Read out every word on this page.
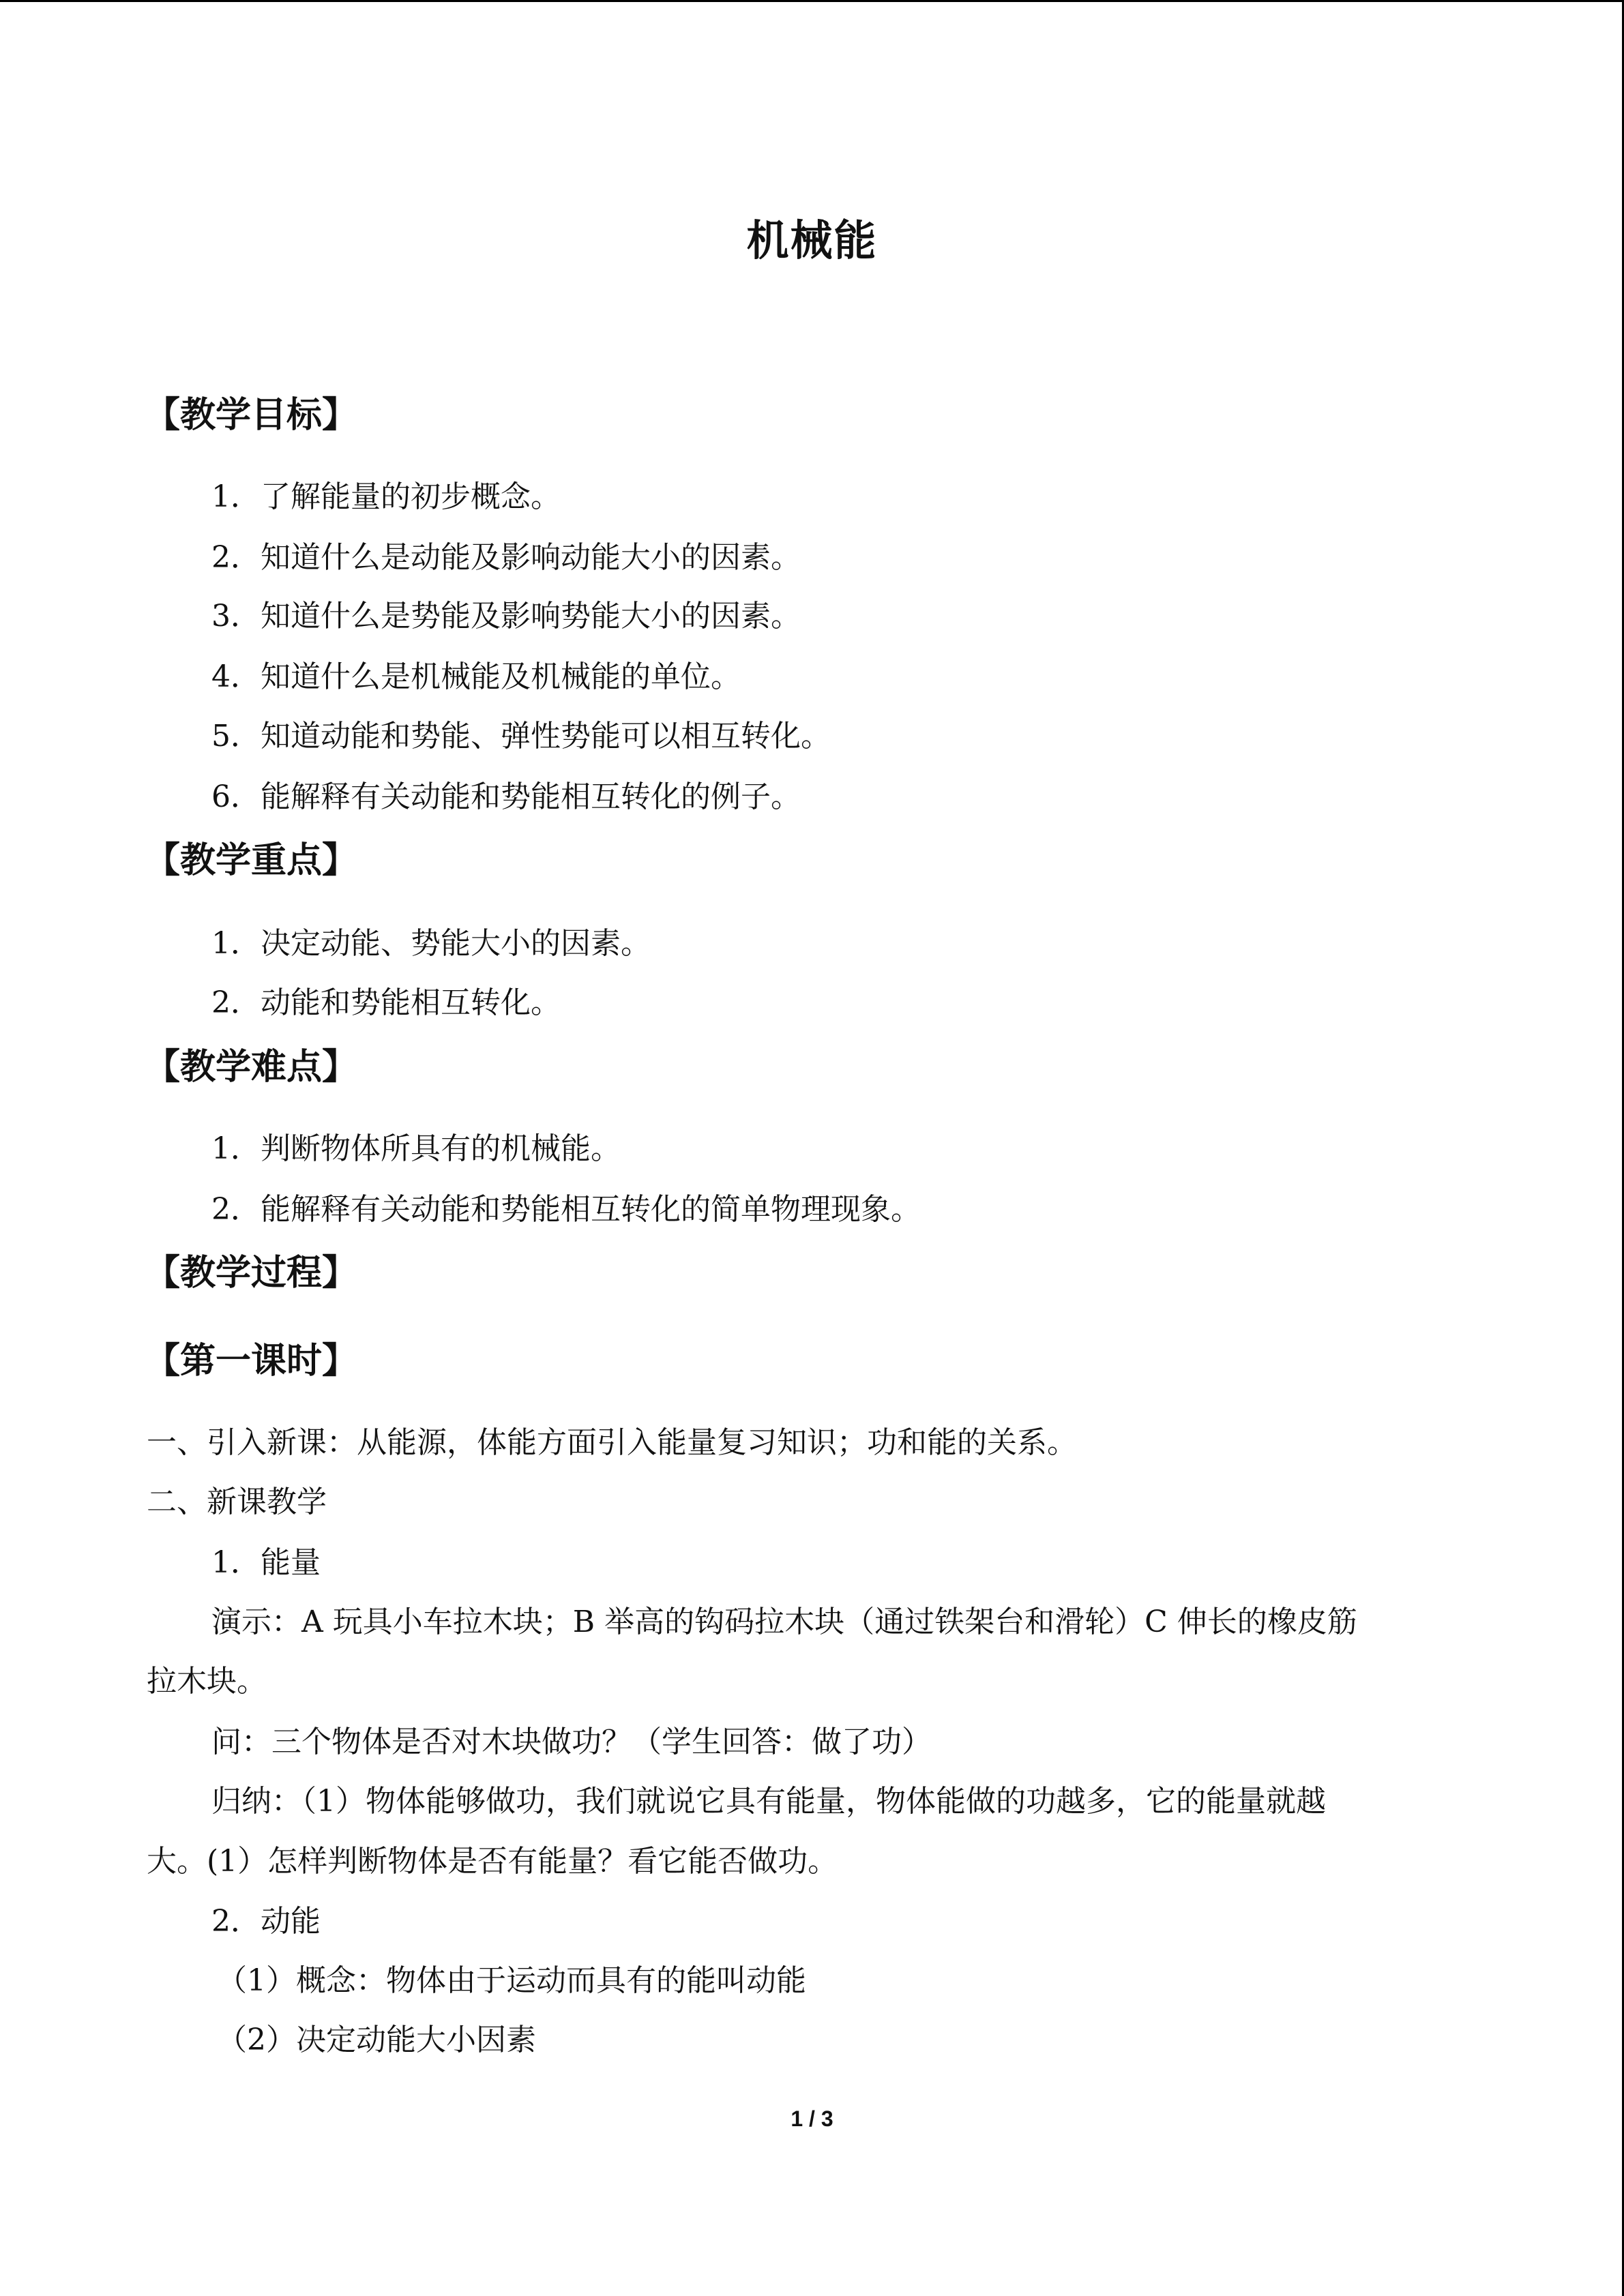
机械能
【教学目标】
1．了解能量的初步概念。
2．知道什么是动能及影响动能大小的因素。
3．知道什么是势能及影响势能大小的因素。
4．知道什么是机械能及机械能的单位。
5．知道动能和势能、弹性势能可以相互转化。
6．能解释有关动能和势能相互转化的例子。
【教学重点】
1．决定动能、势能大小的因素。
2．动能和势能相互转化。
【教学难点】
1．判断物体所具有的机械能。
2．能解释有关动能和势能相互转化的简单物理现象。
【教学过程】
【第一课时】
一、引入新课：从能源，体能方面引入能量复习知识；功和能的关系。
二、新课教学
1．能量
演示：A 玩具小车拉木块；B 举高的钩码拉木块（通过铁架台和滑轮）C 伸长的橡皮筋
拉木块。
问：三个物体是否对木块做功？（学生回答：做了功）
归纳：（1）物体能够做功，我们就说它具有能量，物体能做的功越多，它的能量就越
大。(1）怎样判断物体是否有能量？看它能否做功。
2．动能
（1）概念：物体由于运动而具有的能叫动能
（2）决定动能大小因素
1 / 3
